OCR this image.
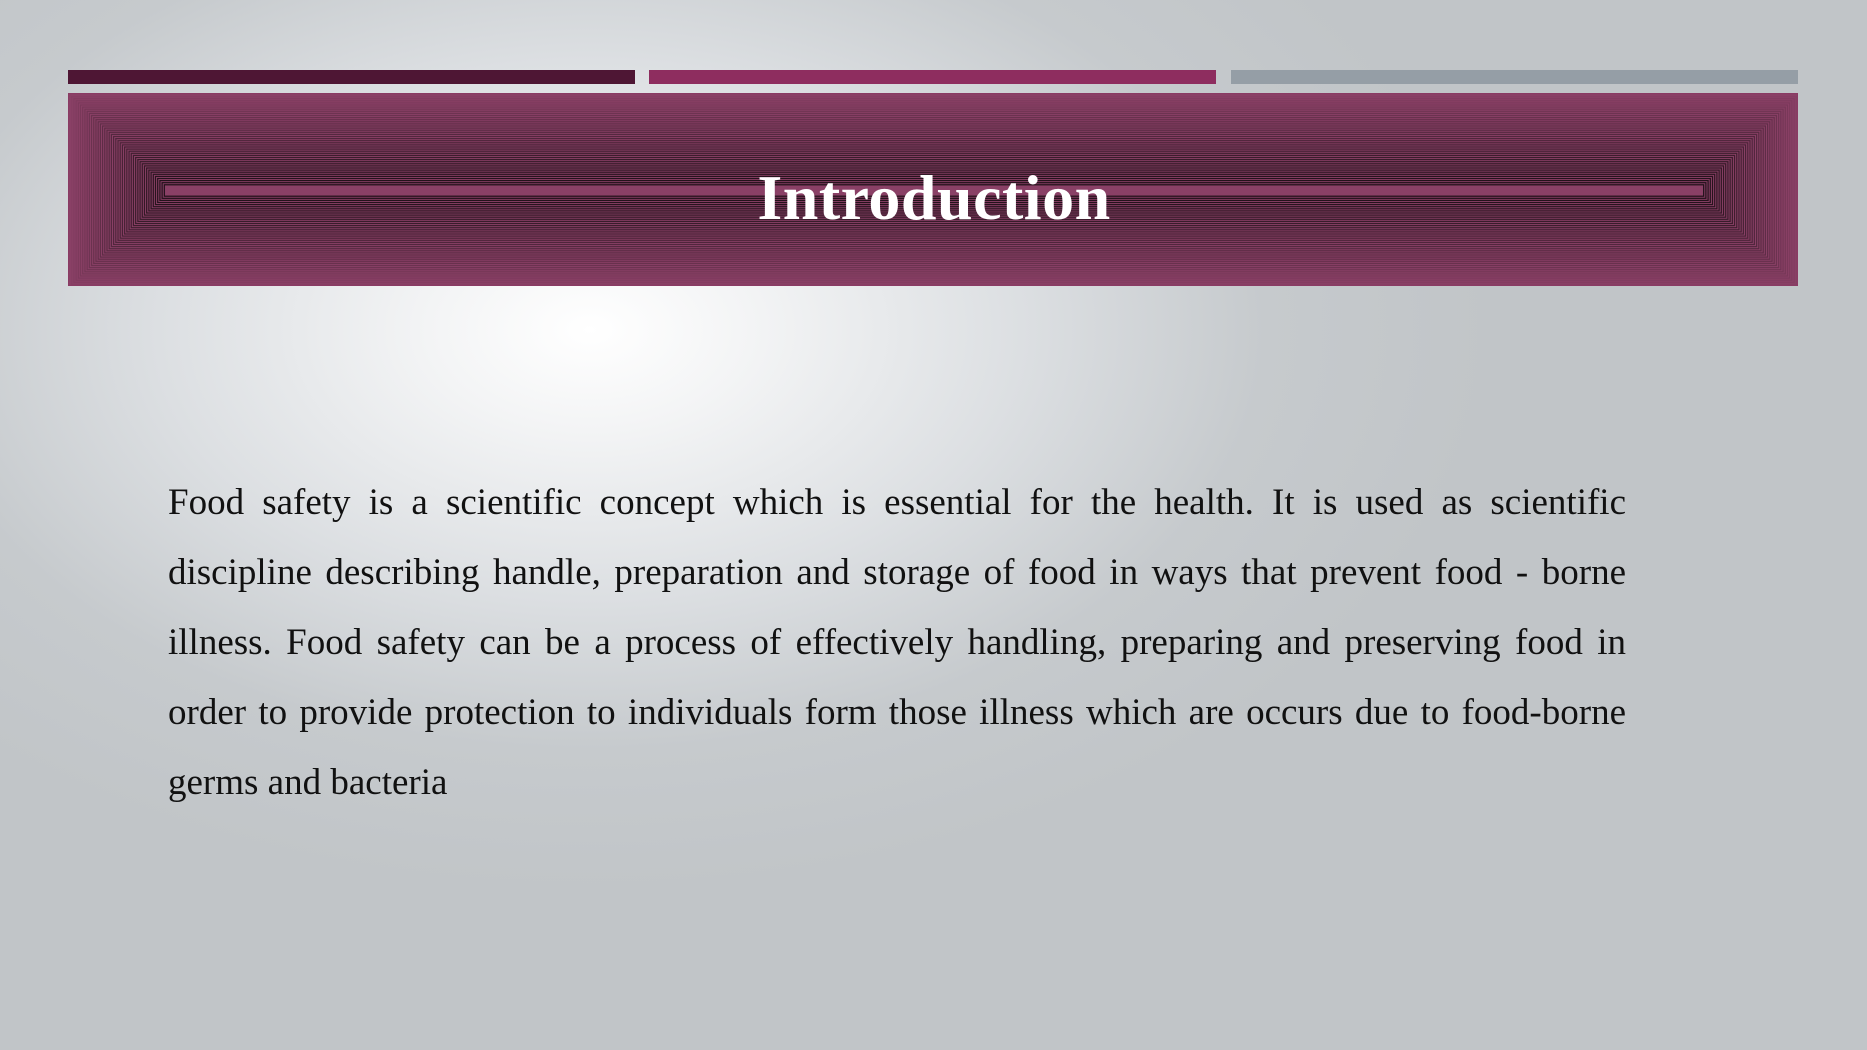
Introduction

Food safety is a scientific concept which is essential for the health. It is used as scientific discipline describing handle, preparation and storage of food in ways that prevent food - borne illness. Food safety can be a process of effectively handling, preparing and preserving food in order to provide protection to individuals form those illness which are occurs due to food-borne germs and bacteria
